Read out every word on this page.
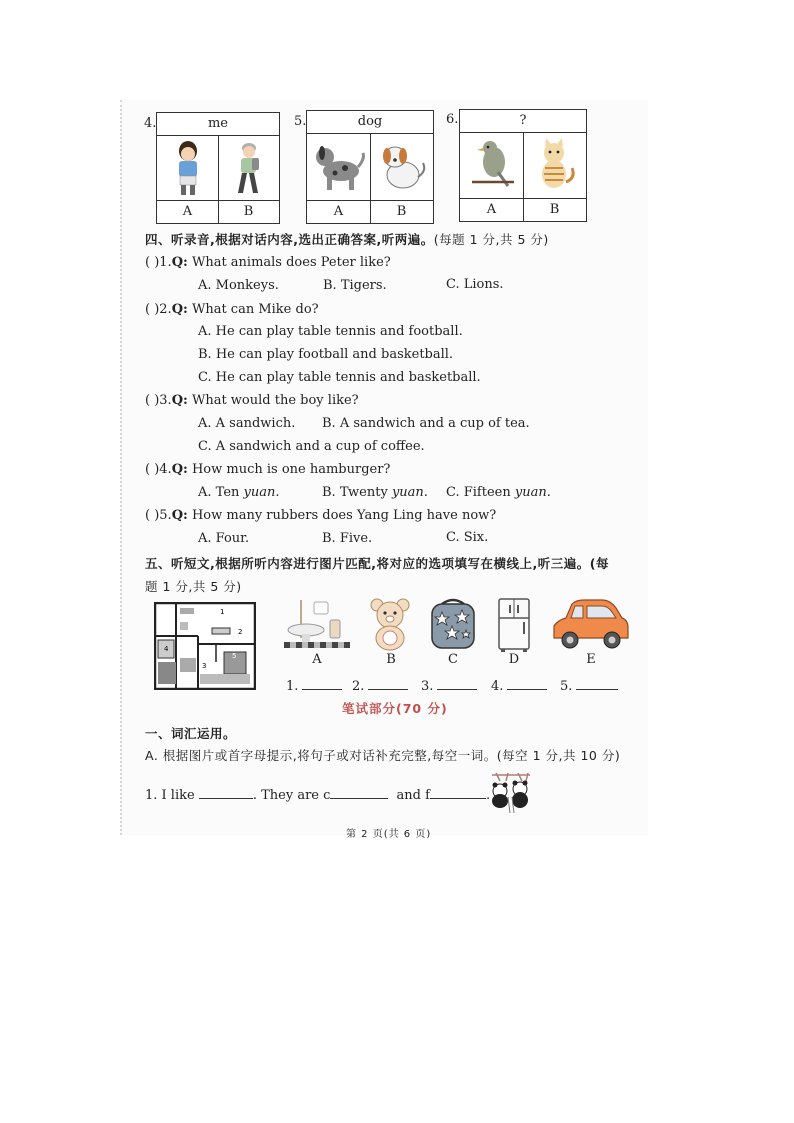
4.	me
A	B
5.	dog
A	B
6.	?
A	B
四、听录音,根据对话内容,选出正确答案,听两遍。(每题 1 分,共 5 分)
( )1.Q: What animals does Peter like?
A. Monkeys.	B. Tigers.	C. Lions.
( )2.Q: What can Mike do?
A. He can play table tennis and football.
B. He can play football and basketball.
C. He can play table tennis and basketball.
( )3.Q: What would the boy like?
A. A sandwich. B. A sandwich and a cup of tea.
C. A sandwich and a cup of coffee.
( )4.Q: How much is one hamburger?
A. Ten yuan.	B. Twenty yuan. C. Fifteen yuan.
( )5.Q: How many rubbers does Yang Ling have now?
A. Four.	B. Five.	C. Six.
五、听短文,根据所听内容进行图片匹配,将对应的选项填写在横线上,听三遍。(每
题 1 分,共 5 分)
1
2
3
4
5	A	B	C	D	E
1.	2.	3.	4.	5.
笔试部分(70 分)
一、词汇运用。
A. 根据图片或首字母提示,将句子或对话补充完整,每空一词。(每空 1 分,共 10 分)
1. I like	. They are c	and f	.
第 2 页(共 6 页)
